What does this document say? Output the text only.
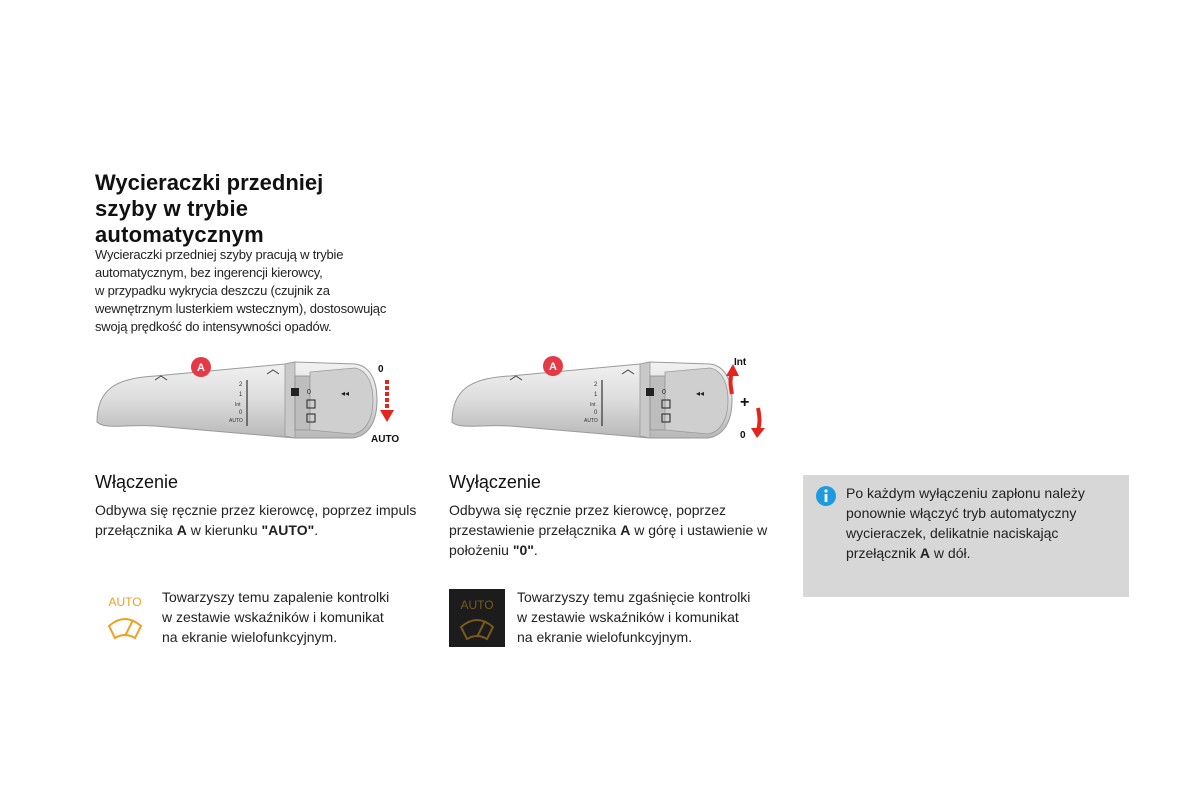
Wycieraczki przedniej
szyby w trybie
automatycznym
Wycieraczki przedniej szyby pracują w trybie
automatycznym, bez ingerencji kierowcy,
w przypadku wykrycia deszczu (czujnik za
wewnętrznym lusterkiem wstecznym), dostosowując
swoją prędkość do intensywności opadów.
2
1
Int
0
AUTO
0	◂◂
A	0
AUTO
2
1
Int
0
AUTO
0	◂◂
A	Int
+
0
Włączenie	Wyłączenie
Odbywa się ręcznie przez kierowcę, poprzez impuls przełącznika A w kierunku "AUTO".
Odbywa się ręcznie przez kierowcę, poprzez przestawienie przełącznika A w górę i ustawienie w położeniu "0".
AUTO	AUTO
Towarzyszy temu zapalenie kontrolki
w zestawie wskaźników i komunikat
na ekranie wielofunkcyjnym.
Towarzyszy temu zgaśnięcie kontrolki
w zestawie wskaźników i komunikat
na ekranie wielofunkcyjnym.
Po każdym wyłączeniu zapłonu należy ponownie włączyć tryb automatyczny wycieraczek, delikatnie naciskając przełącznik A w dół.
